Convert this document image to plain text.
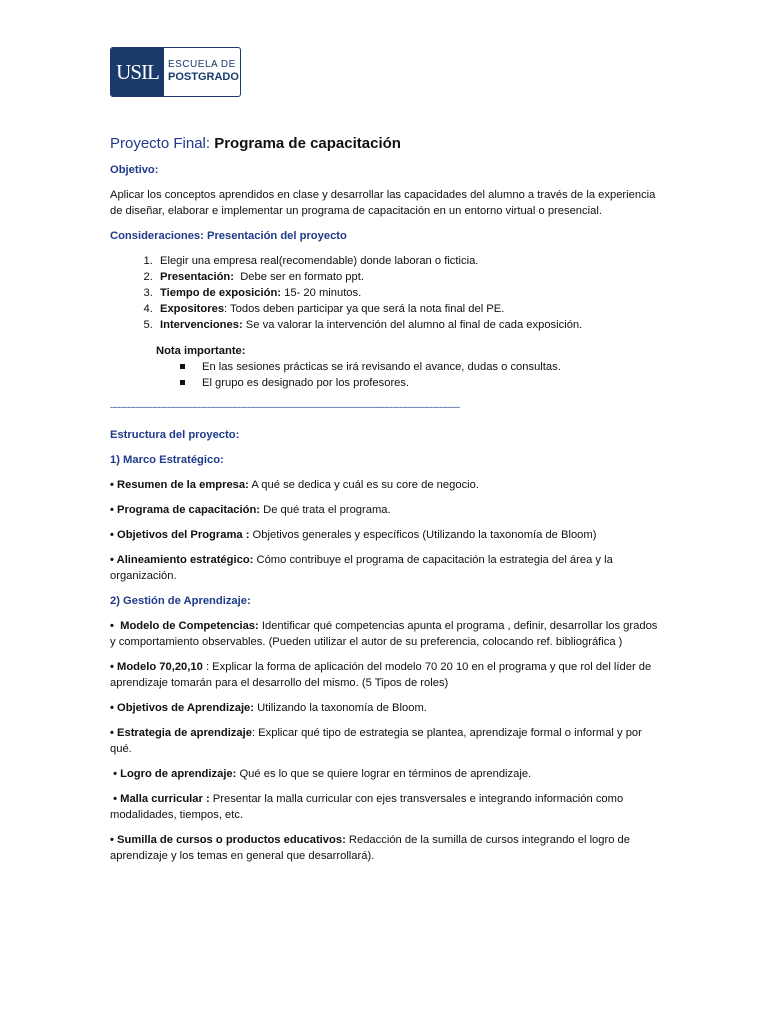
USIL ESCUELA DE
POSTGRADO
Proyecto Final: Programa de capacitación
Objetivo:

Aplicar los conceptos aprendidos en clase y desarrollar las capacidades del alumno a través de la experiencia de diseñar, elaborar e implementar un programa de capacitación en un entorno virtual o presencial.

Consideraciones: Presentación del proyecto
1. Elegir una empresa real(recomendable) donde laboran o ficticia.
2. Presentación:  Debe ser en formato ppt.
3. Tiempo de exposición: 15- 20 minutos.
4. Expositores: Todos deben participar ya que será la nota final del PE.
5. Intervenciones: Se va valorar la intervención del alumno al final de cada exposición.
Nota importante:
En las sesiones prácticas se irá revisando el avance, dudas o consultas.
El grupo es designado por los profesores.
--------------------------------------------------------------------------------------------------------------------------------------------
Estructura del proyecto:
1) Marco Estratégico:
• Resumen de la empresa: A qué se dedica y cuál es su core de negocio.
• Programa de capacitación: De qué trata el programa.
• Objetivos del Programa : Objetivos generales y específicos (Utilizando la taxonomía de Bloom)
• Alineamiento estratégico: Cómo contribuye el programa de capacitación la estrategia del área y la organización.
2) Gestión de Aprendizaje:
•  Modelo de Competencias: Identificar qué competencias apunta el programa , definir, desarrollar los grados y comportamiento observables. (Pueden utilizar el autor de su preferencia, colocando ref. bibliográfica )
• Modelo 70,20,10 : Explicar la forma de aplicación del modelo 70 20 10 en el programa y que rol del líder de aprendizaje tomarán para el desarrollo del mismo. (5 Tipos de roles)
• Objetivos de Aprendizaje: Utilizando la taxonomía de Bloom.
• Estrategia de aprendizaje: Explicar qué tipo de estrategia se plantea, aprendizaje formal o informal y por qué.
• Logro de aprendizaje: Qué es lo que se quiere lograr en términos de aprendizaje.
• Malla curricular : Presentar la malla curricular con ejes transversales e integrando información como modalidades, tiempos, etc.
• Sumilla de cursos o productos educativos: Redacción de la sumilla de cursos integrando el logro de aprendizaje y los temas en general que desarrollará).
